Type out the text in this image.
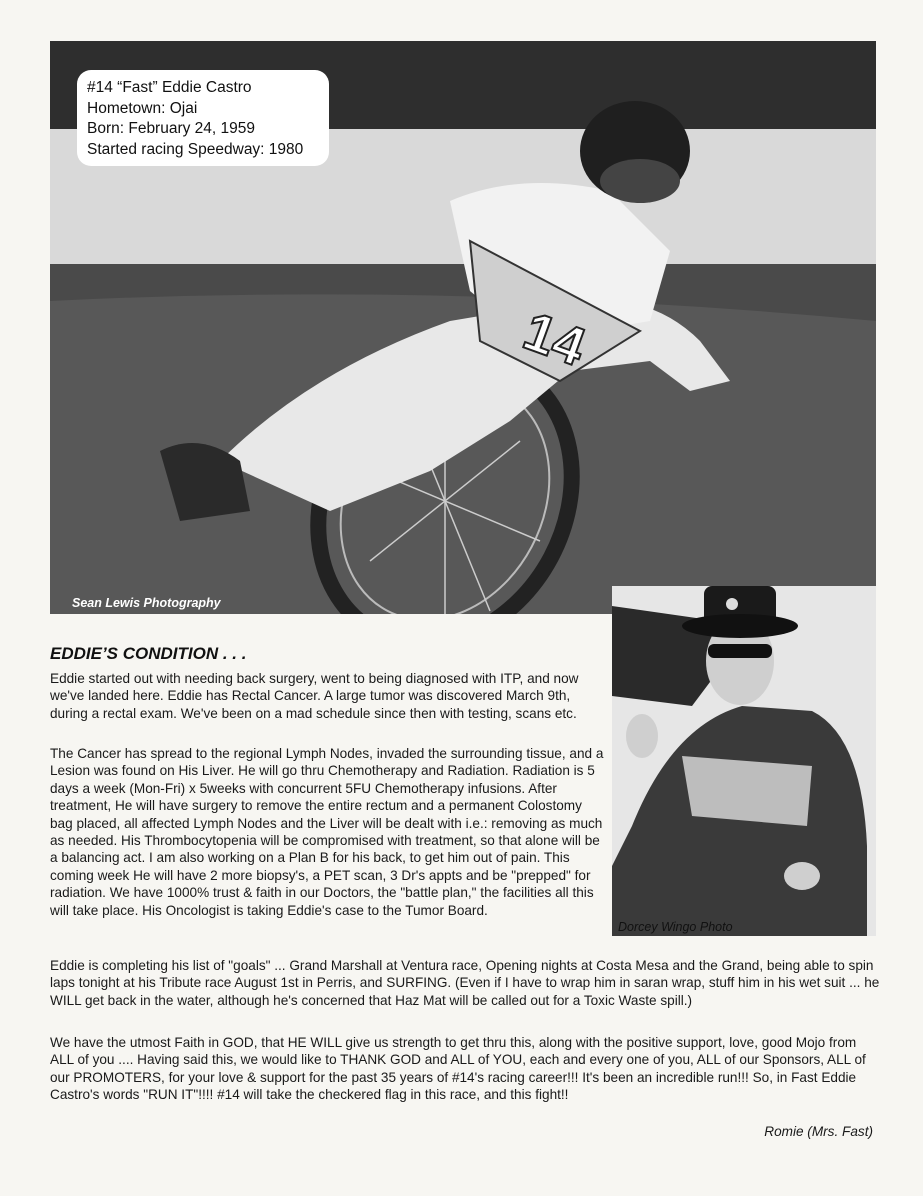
14
#14 “Fast” Eddie Castro
Hometown: Ojai
Born: February 24, 1959
Started racing Speedway: 1980
Sean Lewis Photography
Dorcey Wingo Photo
EDDIE’S CONDITION . . .

Eddie started out with needing back surgery, went to being diagnosed with ITP, and now we've landed here. Eddie has Rectal Cancer. A large tumor was discovered March 9th, during a rectal exam. We've been on a mad schedule since then with testing, scans etc.

The Cancer has spread to the regional Lymph Nodes, invaded the surrounding tissue, and a Lesion was found on His Liver. He will go thru Chemotherapy and Radiation. Radiation is 5 days a week (Mon-Fri) x 5weeks with concurrent 5FU Chemotherapy infusions. After treatment, He will have surgery to remove the entire rectum and a permanent Colostomy bag placed, all affected Lymph Nodes and the Liver will be dealt with i.e.: removing as much as needed. His Thrombocytopenia will be compromised with treatment, so that alone will be a balancing act. I am also working on a Plan B for his back, to get him out of pain. This coming week He will have 2 more biopsy's, a PET scan, 3 Dr's appts and be "prepped" for radiation. We have 1000% trust & faith in our Doctors, the "battle plan," the facilities all this will take place. His Oncologist is taking Eddie's case to the Tumor Board.

Eddie is completing his list of "goals" ... Grand Marshall at Ventura race, Opening nights at Costa Mesa and the Grand, being able to spin laps tonight at his Tribute race August 1st in Perris, and SURFING. (Even if I have to wrap him in saran wrap, stuff him in his wet suit ... he WILL get back in the water, although he's concerned that Haz Mat will be called out for a Toxic Waste spill.)

We have the utmost Faith in GOD, that HE WILL give us strength to get thru this, along with the positive support, love, good Mojo from ALL of you .... Having said this, we would like to THANK GOD and ALL of YOU, each and every one of you, ALL of our Sponsors, ALL of our PROMOTERS, for your love & support for the past 35 years of #14's racing career!!! It's been an incredible run!!! So, in Fast Eddie Castro's words "RUN IT"!!!! #14 will take the checkered flag in this race, and this fight!!

Romie (Mrs. Fast)
